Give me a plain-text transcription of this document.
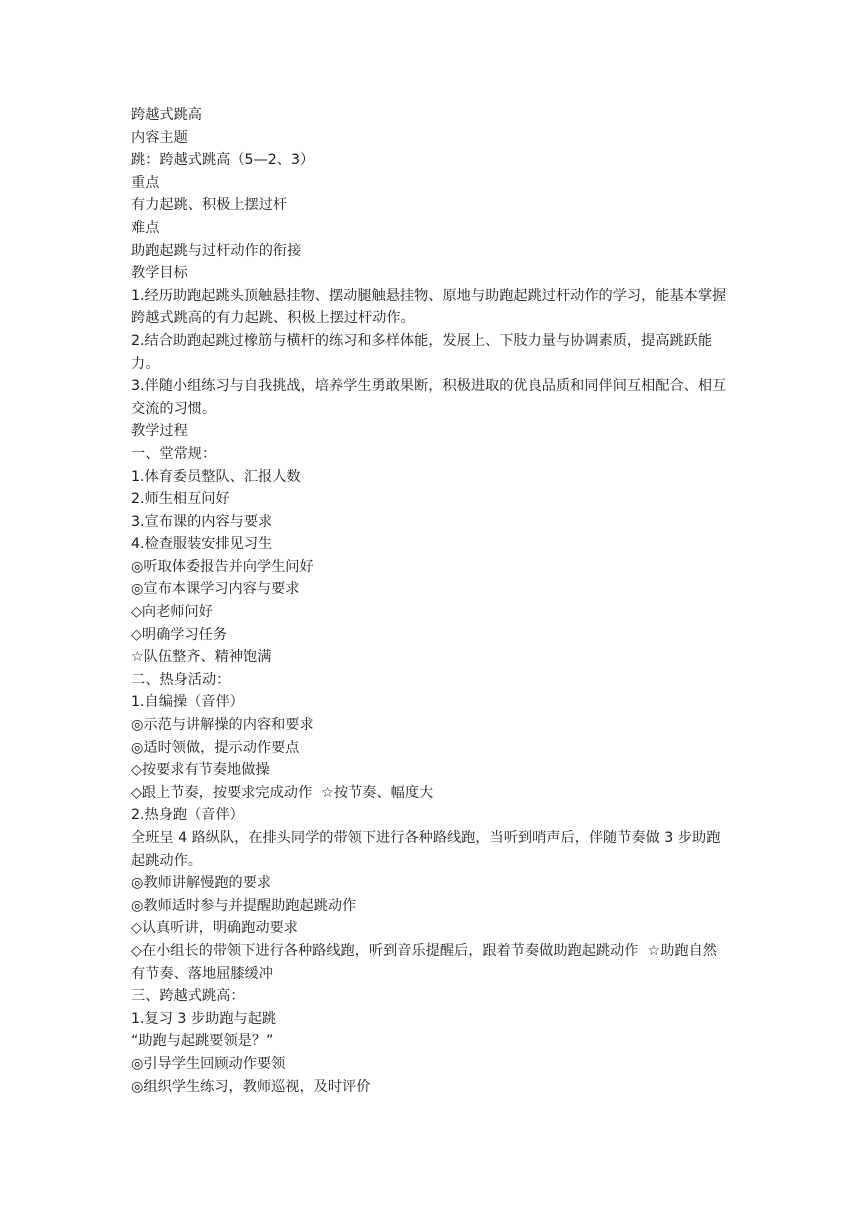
跨越式跳高

内容主题

跳：跨越式跳高（5—2、3）

重点

有力起跳、积极上摆过杆

难点

助跑起跳与过杆动作的衔接

教学目标

1.经历助跑起跳头顶触悬挂物、摆动腿触悬挂物、原地与助跑起跳过杆动作的学习，能基本掌握跨越式跳高的有力起跳、积极上摆过杆动作。

2.结合助跑起跳过橡筋与横杆的练习和多样体能，发展上、下肢力量与协调素质，提高跳跃能力。

3.伴随小组练习与自我挑战，培养学生勇敢果断，积极进取的优良品质和同伴间互相配合、相互交流的习惯。

教学过程

一、堂常规：

1.体育委员整队、汇报人数

2.师生相互问好

3.宣布课的内容与要求

4.检查服装安排见习生

◎听取体委报告并向学生问好

◎宣布本课学习内容与要求

◇向老师问好

◇明确学习任务

☆队伍整齐、精神饱满

二、热身活动：

1.自编操（音伴）

◎示范与讲解操的内容和要求

◎适时领做，提示动作要点

◇按要求有节奏地做操

◇跟上节奏，按要求完成动作  ☆按节奏、幅度大

2.热身跑（音伴）

全班呈 4 路纵队，在排头同学的带领下进行各种路线跑，当听到哨声后，伴随节奏做 3 步助跑起跳动作。

◎教师讲解慢跑的要求

◎教师适时参与并提醒助跑起跳动作

◇认真听讲，明确跑动要求

◇在小组长的带领下进行各种路线跑，听到音乐提醒后，跟着节奏做助跑起跳动作  ☆助跑自然有节奏、落地屈膝缓冲

三、跨越式跳高：

1.复习 3 步助跑与起跳

“助跑与起跳要领是？”

◎引导学生回顾动作要领

◎组织学生练习，教师巡视，及时评价
